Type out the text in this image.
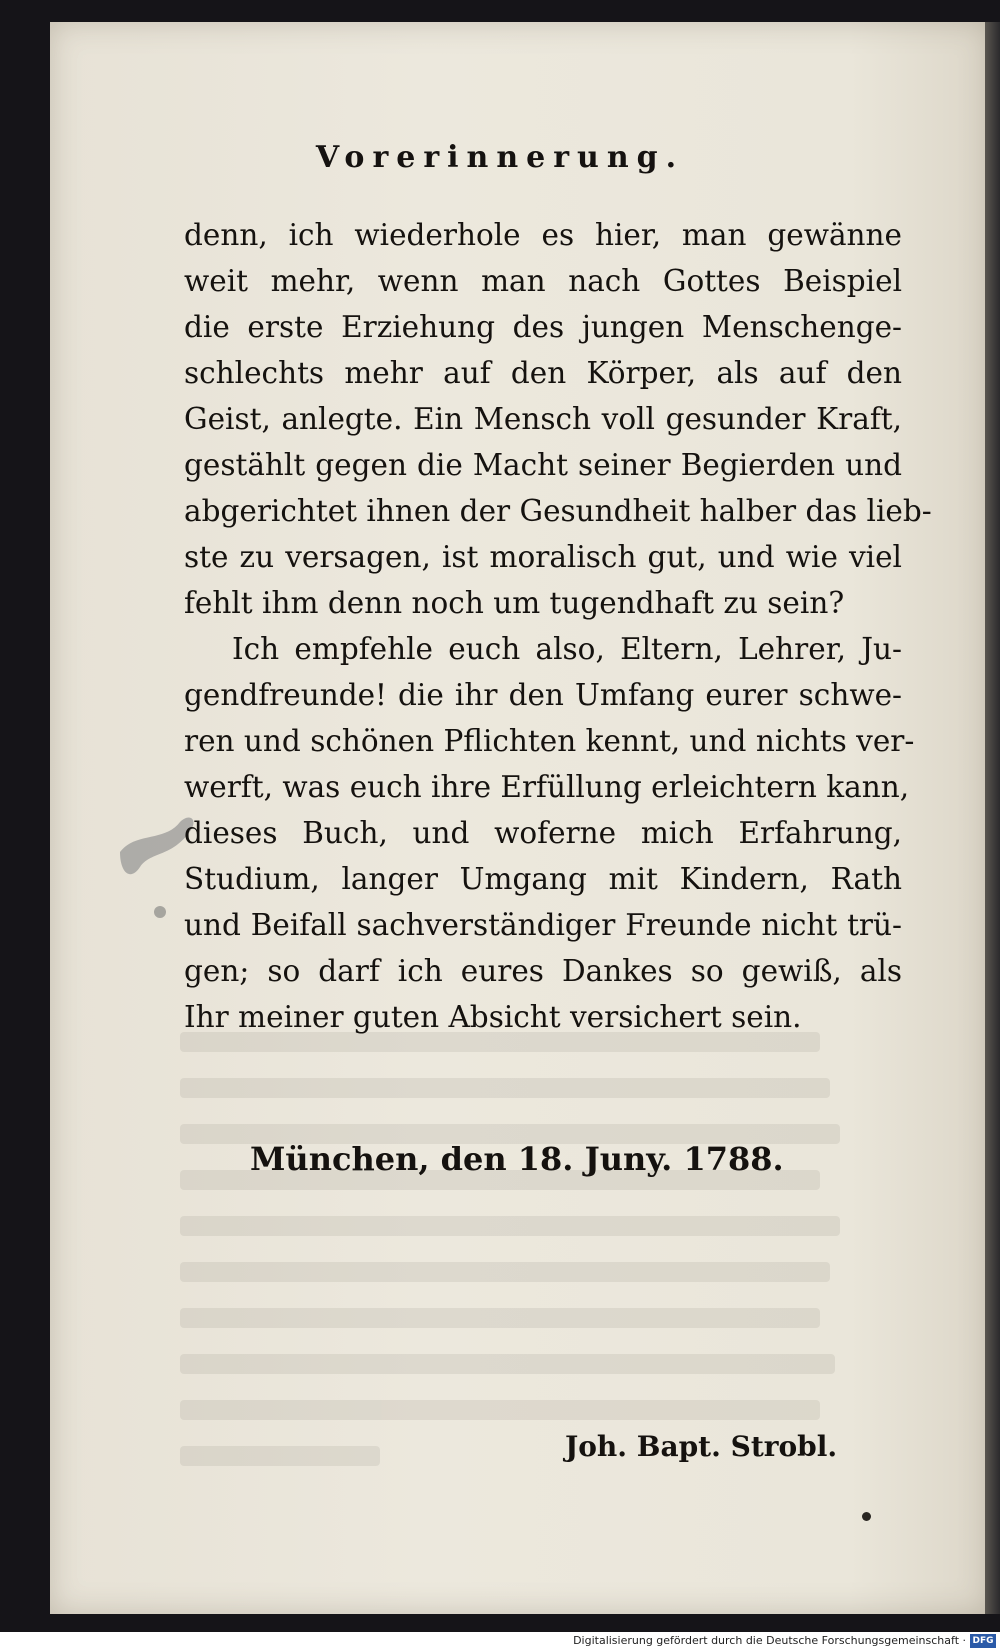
Vorerinnerung.
denn, ich wiederhole es hier, man gewänne
weit mehr, wenn man nach Gottes Beispiel
die erste Erziehung des jungen Menschenge-
schlechts mehr auf den Körper, als auf den
Geist, anlegte. Ein Mensch voll gesunder Kraft,
gestählt gegen die Macht seiner Begierden und
abgerichtet ihnen der Gesundheit halber das lieb-
ste zu versagen, ist moralisch gut, und wie viel
fehlt ihm denn noch um tugendhaft zu sein?
Ich empfehle euch also, Eltern, Lehrer, Ju-
gendfreunde! die ihr den Umfang eurer schwe-
ren und schönen Pflichten kennt, und nichts ver-
werft, was euch ihre Erfüllung erleichtern kann,
dieses Buch, und woferne mich Erfahrung,
Studium, langer Umgang mit Kindern, Rath
und Beifall sachverständiger Freunde nicht trü-
gen; so darf ich eures Dankes so gewiß, als
Ihr meiner guten Absicht versichert sein.
München, den 18. Juny. 1788.
Joh. Bapt. Strobl.
Digitalisierung gefördert durch die Deutsche Forschungsgemeinschaft · DFG
